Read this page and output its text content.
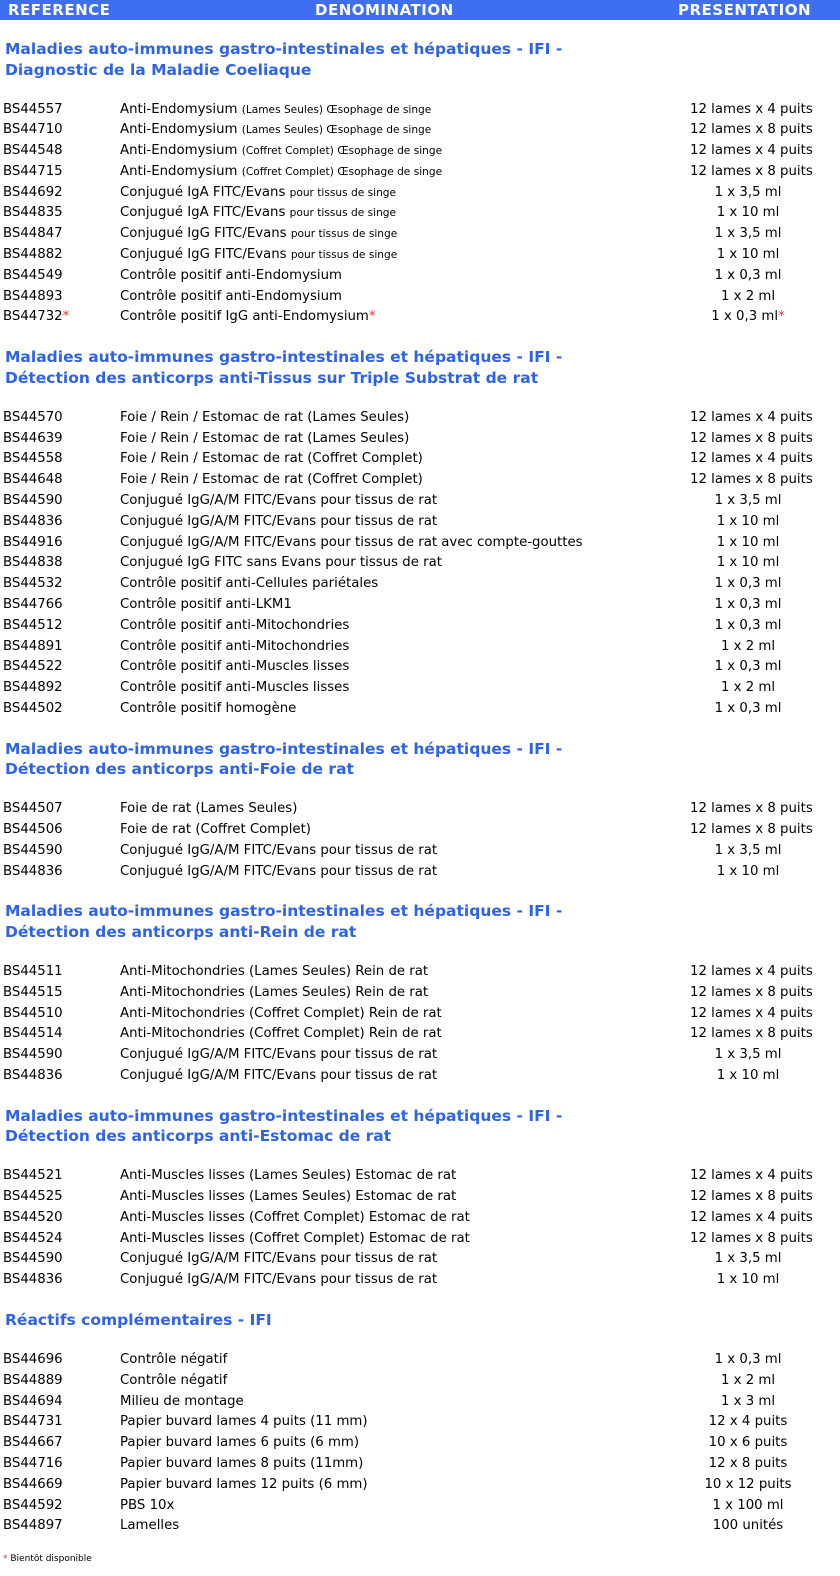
REFERENCE	DENOMINATION	PRESENTATION
Maladies auto-immunes gastro-intestinales et hépatiques - IFI -
Diagnostic de la Maladie Coeliaque
BS44557	Anti-Endomysium (Lames Seules) Œsophage de singe	12 lames x 4 puits
BS44710	Anti-Endomysium (Lames Seules) Œsophage de singe	12 lames x 8 puits
BS44548	Anti-Endomysium (Coffret Complet) Œsophage de singe	12 lames x 4 puits
BS44715	Anti-Endomysium (Coffret Complet) Œsophage de singe	12 lames x 8 puits
BS44692	Conjugué IgA FITC/Evans pour tissus de singe	1 x 3,5 ml
BS44835	Conjugué IgA FITC/Evans pour tissus de singe	1 x 10 ml
BS44847	Conjugué IgG FITC/Evans pour tissus de singe	1 x 3,5 ml
BS44882	Conjugué IgG FITC/Evans pour tissus de singe	1 x 10 ml
BS44549	Contrôle positif anti-Endomysium	1 x 0,3 ml
BS44893	Contrôle positif anti-Endomysium	1 x 2 ml
BS44732*	Contrôle positif IgG anti-Endomysium*	1 x 0,3 ml*
Maladies auto-immunes gastro-intestinales et hépatiques - IFI -
Détection des anticorps anti-Tissus sur Triple Substrat de rat
BS44570	Foie / Rein / Estomac de rat (Lames Seules)	12 lames x 4 puits
BS44639	Foie / Rein / Estomac de rat (Lames Seules)	12 lames x 8 puits
BS44558	Foie / Rein / Estomac de rat (Coffret Complet)	12 lames x 4 puits
BS44648	Foie / Rein / Estomac de rat (Coffret Complet)	12 lames x 8 puits
BS44590	Conjugué IgG/A/M FITC/Evans pour tissus de rat	1 x 3,5 ml
BS44836	Conjugué IgG/A/M FITC/Evans pour tissus de rat	1 x 10 ml
BS44916	Conjugué IgG/A/M FITC/Evans pour tissus de rat avec compte-gouttes	1 x 10 ml
BS44838	Conjugué IgG FITC sans Evans pour tissus de rat	1 x 10 ml
BS44532	Contrôle positif anti-Cellules pariétales	1 x 0,3 ml
BS44766	Contrôle positif anti-LKM1	1 x 0,3 ml
BS44512	Contrôle positif anti-Mitochondries	1 x 0,3 ml
BS44891	Contrôle positif anti-Mitochondries	1 x 2 ml
BS44522	Contrôle positif anti-Muscles lisses	1 x 0,3 ml
BS44892	Contrôle positif anti-Muscles lisses	1 x 2 ml
BS44502	Contrôle positif homogène	1 x 0,3 ml
Maladies auto-immunes gastro-intestinales et hépatiques - IFI -
Détection des anticorps anti-Foie de rat
BS44507	Foie de rat (Lames Seules)	12 lames x 8 puits
BS44506	Foie de rat (Coffret Complet)	12 lames x 8 puits
BS44590	Conjugué IgG/A/M FITC/Evans pour tissus de rat	1 x 3,5 ml
BS44836	Conjugué IgG/A/M FITC/Evans pour tissus de rat	1 x 10 ml
Maladies auto-immunes gastro-intestinales et hépatiques - IFI -
Détection des anticorps anti-Rein de rat
BS44511	Anti-Mitochondries (Lames Seules) Rein de rat	12 lames x 4 puits
BS44515	Anti-Mitochondries (Lames Seules) Rein de rat	12 lames x 8 puits
BS44510	Anti-Mitochondries (Coffret Complet) Rein de rat	12 lames x 4 puits
BS44514	Anti-Mitochondries (Coffret Complet) Rein de rat	12 lames x 8 puits
BS44590	Conjugué IgG/A/M FITC/Evans pour tissus de rat	1 x 3,5 ml
BS44836	Conjugué IgG/A/M FITC/Evans pour tissus de rat	1 x 10 ml
Maladies auto-immunes gastro-intestinales et hépatiques - IFI -
Détection des anticorps anti-Estomac de rat
BS44521	Anti-Muscles lisses (Lames Seules) Estomac de rat	12 lames x 4 puits
BS44525	Anti-Muscles lisses (Lames Seules) Estomac de rat	12 lames x 8 puits
BS44520	Anti-Muscles lisses (Coffret Complet) Estomac de rat	12 lames x 4 puits
BS44524	Anti-Muscles lisses (Coffret Complet) Estomac de rat	12 lames x 8 puits
BS44590	Conjugué IgG/A/M FITC/Evans pour tissus de rat	1 x 3,5 ml
BS44836	Conjugué IgG/A/M FITC/Evans pour tissus de rat	1 x 10 ml
Réactifs complémentaires - IFI
BS44696	Contrôle négatif	1 x 0,3 ml
BS44889	Contrôle négatif	1 x 2 ml
BS44694	Milieu de montage	1 x 3 ml
BS44731	Papier buvard lames 4 puits (11 mm)	12 x 4 puits
BS44667	Papier buvard lames 6 puits (6 mm)	10 x 6 puits
BS44716	Papier buvard lames 8 puits (11mm)	12 x 8 puits
BS44669	Papier buvard lames 12 puits (6 mm)	10 x 12 puits
BS44592	PBS 10x	1 x 100 ml
BS44897	Lamelles	100 unités
* Bientôt disponible
